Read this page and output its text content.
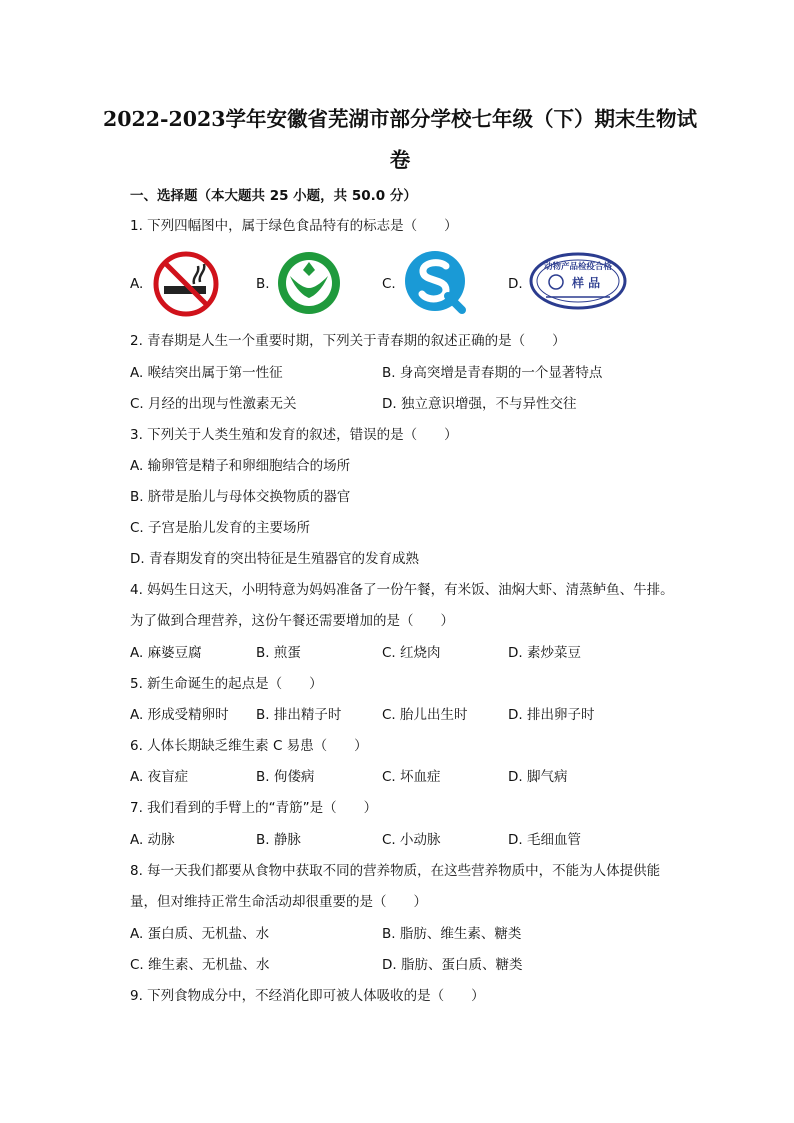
2022-2023学年安徽省芜湖市部分学校七年级（下）期末生物试
卷
一、选择题（本大题共 25 小题，共 50.0 分）
1. 下列四幅图中，属于绿色食品特有的标志是（　　）
A.	B.	C.	D.
动物产品检疫合格
样 品
2. 青春期是人生一个重要时期，下列关于青春期的叙述正确的是（　　）
A. 喉结突出属于第一性征	B. 身高突增是青春期的一个显著特点
C. 月经的出现与性激素无关	D. 独立意识增强，不与异性交往
3. 下列关于人类生殖和发育的叙述，错误的是（　　）
A. 输卵管是精子和卵细胞结合的场所
B. 脐带是胎儿与母体交换物质的器官
C. 子宫是胎儿发育的主要场所
D. 青春期发育的突出特征是生殖器官的发育成熟
4. 妈妈生日这天，小明特意为妈妈准备了一份午餐，有米饭、油焖大虾、清蒸鲈鱼、牛排。
为了做到合理营养，这份午餐还需要增加的是（　　）
A. 麻婆豆腐	B. 煎蛋	C. 红烧肉	D. 素炒菜豆
5. 新生命诞生的起点是（　　）
A. 形成受精卵时 B. 排出精子时	C. 胎儿出生时	D. 排出卵子时
6. 人体长期缺乏维生素 C 易患（　　）
A. 夜盲症	B. 佝偻病	C. 坏血症	D. 脚气病
7. 我们看到的手臂上的“青筋”是（　　）
A. 动脉	B. 静脉	C. 小动脉	D. 毛细血管
8. 每一天我们都要从食物中获取不同的营养物质，在这些营养物质中，不能为人体提供能
量，但对维持正常生命活动却很重要的是（　　）
A. 蛋白质、无机盐、水	B. 脂肪、维生素、糖类
C. 维生素、无机盐、水	D. 脂肪、蛋白质、糖类
9. 下列食物成分中，不经消化即可被人体吸收的是（　　）
